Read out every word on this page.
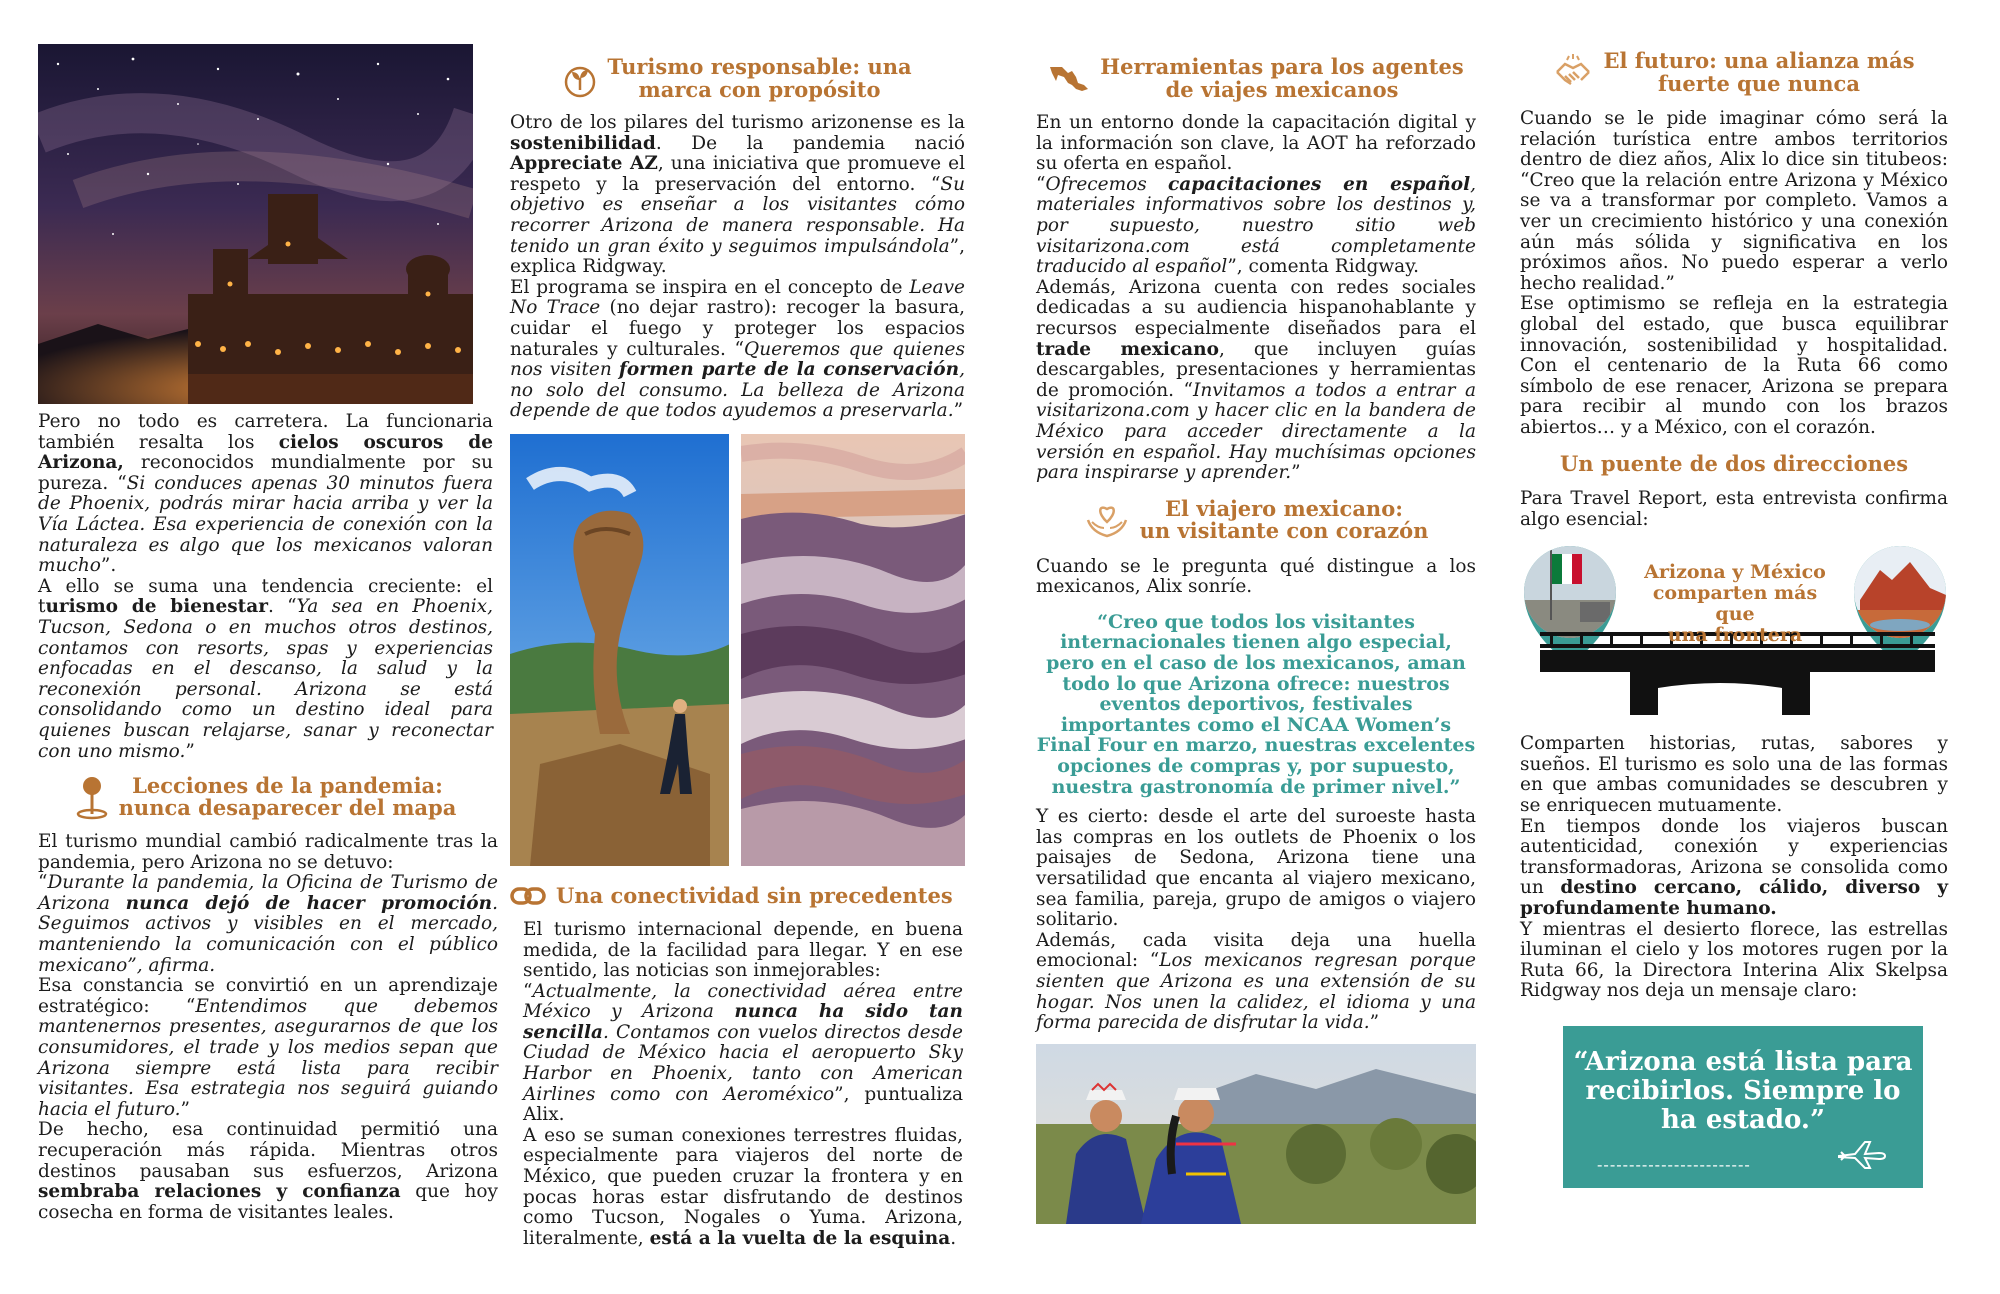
Pero no todo es carretera. La funcionaria también resalta los cielos oscuros de Arizona, reconocidos mundialmente por su pureza. “Si conduces apenas 30 minutos fuera de Phoenix, podrás mirar hacia arriba y ver la Vía Láctea. Esa experiencia de conexión con la naturaleza es algo que los mexicanos valoran mucho”.

A ello se suma una tendencia creciente: el turismo de bienestar. “Ya sea en Phoenix, Tucson, Sedona o en muchos otros destinos, contamos con resorts, spas y experiencias enfocadas en el descanso, la salud y la reconexión personal. Arizona se está consolidando como un destino ideal para quienes buscan relajarse, sanar y reconectar con uno mismo.”

Lecciones de la pandemia:
nunca desaparecer del mapa

El turismo mundial cambió radicalmente tras la pandemia, pero Arizona no se detuvo:

“Durante la pandemia, la Oficina de Turismo de Arizona nunca dejó de hacer promoción. Seguimos activos y visibles en el mercado, manteniendo la comunicación con el público mexicano”, afirma.

Esa constancia se convirtió en un aprendizaje estratégico: “Entendimos que debemos mantenernos presentes, asegurarnos de que los consumidores, el trade y los medios sepan que Arizona siempre está lista para recibir visitantes. Esa estrategia nos seguirá guiando hacia el futuro.”

De hecho, esa continuidad permitió una recuperación más rápida. Mientras otros destinos pausaban sus esfuerzos, Arizona sembraba relaciones y confianza que hoy cosecha en forma de visitantes leales.

Turismo responsable: una
marca con propósito

Otro de los pilares del turismo arizonense es la sostenibilidad. De la pandemia nació Appreciate AZ, una iniciativa que promueve el respeto y la preservación del entorno. “Su objetivo es enseñar a los visitantes cómo recorrer Arizona de manera responsable. Ha tenido un gran éxito y seguimos impulsándola”, explica Ridgway.

El programa se inspira en el concepto de Leave No Trace (no dejar rastro): recoger la basura, cuidar el fuego y proteger los espacios naturales y culturales. “Queremos que quienes nos visiten formen parte de la conservación, no solo del consumo. La belleza de Arizona depende de que todos ayudemos a preservarla.”

Una conectividad sin precedentes

El turismo internacional depende, en buena medida, de la facilidad para llegar. Y en ese sentido, las noticias son inmejorables:

“Actualmente, la conectividad aérea entre México y Arizona nunca ha sido tan sencilla. Contamos con vuelos directos desde Ciudad de México hacia el aeropuerto Sky Harbor en Phoenix, tanto con American Airlines como con Aeroméxico”, puntualiza Alix.

A eso se suman conexiones terrestres fluidas, especialmente para viajeros del norte de México, que pueden cruzar la frontera y en pocas horas estar disfrutando de destinos como Tucson, Nogales o Yuma. Arizona, literalmente, está a la vuelta de la esquina.

Herramientas para los agentes
de viajes mexicanos

En un entorno donde la capacitación digital y la información son clave, la AOT ha reforzado su oferta en español.

“Ofrecemos capacitaciones en español, materiales informativos sobre los destinos y, por supuesto, nuestro sitio web visitarizona.com está completamente traducido al español”, comenta Ridgway.

Además, Arizona cuenta con redes sociales dedicadas a su audiencia hispanohablante y recursos especialmente diseñados para el trade mexicano, que incluyen guías descargables, presentaciones y herramientas de promoción. “Invitamos a todos a entrar a visitarizona.com y hacer clic en la bandera de México para acceder directamente a la versión en español. Hay muchísimas opciones para inspirarse y aprender.”

El viajero mexicano:
un visitante con corazón

Cuando se le pregunta qué distingue a los mexicanos, Alix sonríe.

“Creo que todos los visitantes internacionales tienen algo especial, pero en el caso de los mexicanos, aman todo lo que Arizona ofrece: nuestros eventos deportivos, festivales importantes como el NCAA Women’s Final Four en marzo, nuestras excelentes opciones de compras y, por supuesto, nuestra gastronomía de primer nivel.”

Y es cierto: desde el arte del suroeste hasta las compras en los outlets de Phoenix o los paisajes de Sedona, Arizona tiene una versatilidad que encanta al viajero mexicano, sea familia, pareja, grupo de amigos o viajero solitario.

Además, cada visita deja una huella emocional: “Los mexicanos regresan porque sienten que Arizona es una extensión de su hogar. Nos unen la calidez, el idioma y una forma parecida de disfrutar la vida.”

El futuro: una alianza más
fuerte que nunca

Cuando se le pide imaginar cómo será la relación turística entre ambos territorios dentro de diez años, Alix lo dice sin titubeos: “Creo que la relación entre Arizona y México se va a transformar por completo. Vamos a ver un crecimiento histórico y una conexión aún más sólida y significativa en los próximos años. No puedo esperar a verlo hecho realidad.”

Ese optimismo se refleja en la estrategia global del estado, que busca equilibrar innovación, sostenibilidad y hospitalidad. Con el centenario de la Ruta 66 como símbolo de ese renacer, Arizona se prepara para recibir al mundo con los brazos abiertos… y a México, con el corazón.

Un puente de dos direcciones

Para Travel Report, esta entrevista confirma algo esencial:

Arizona y México
comparten más que
una frontera

Comparten historias, rutas, sabores y sueños. El turismo es solo una de las formas en que ambas comunidades se descubren y se enriquecen mutuamente.

En tiempos donde los viajeros buscan autenticidad, conexión y experiencias transformadoras, Arizona se consolida como un destino cercano, cálido, diverso y profundamente humano.

Y mientras el desierto florece, las estrellas iluminan el cielo y los motores rugen por la Ruta 66, la Directora Interina Alix Skelpsa Ridgway nos deja un mensaje claro:

“Arizona está lista para
recibirlos. Siempre lo
ha estado.”
------------------------
